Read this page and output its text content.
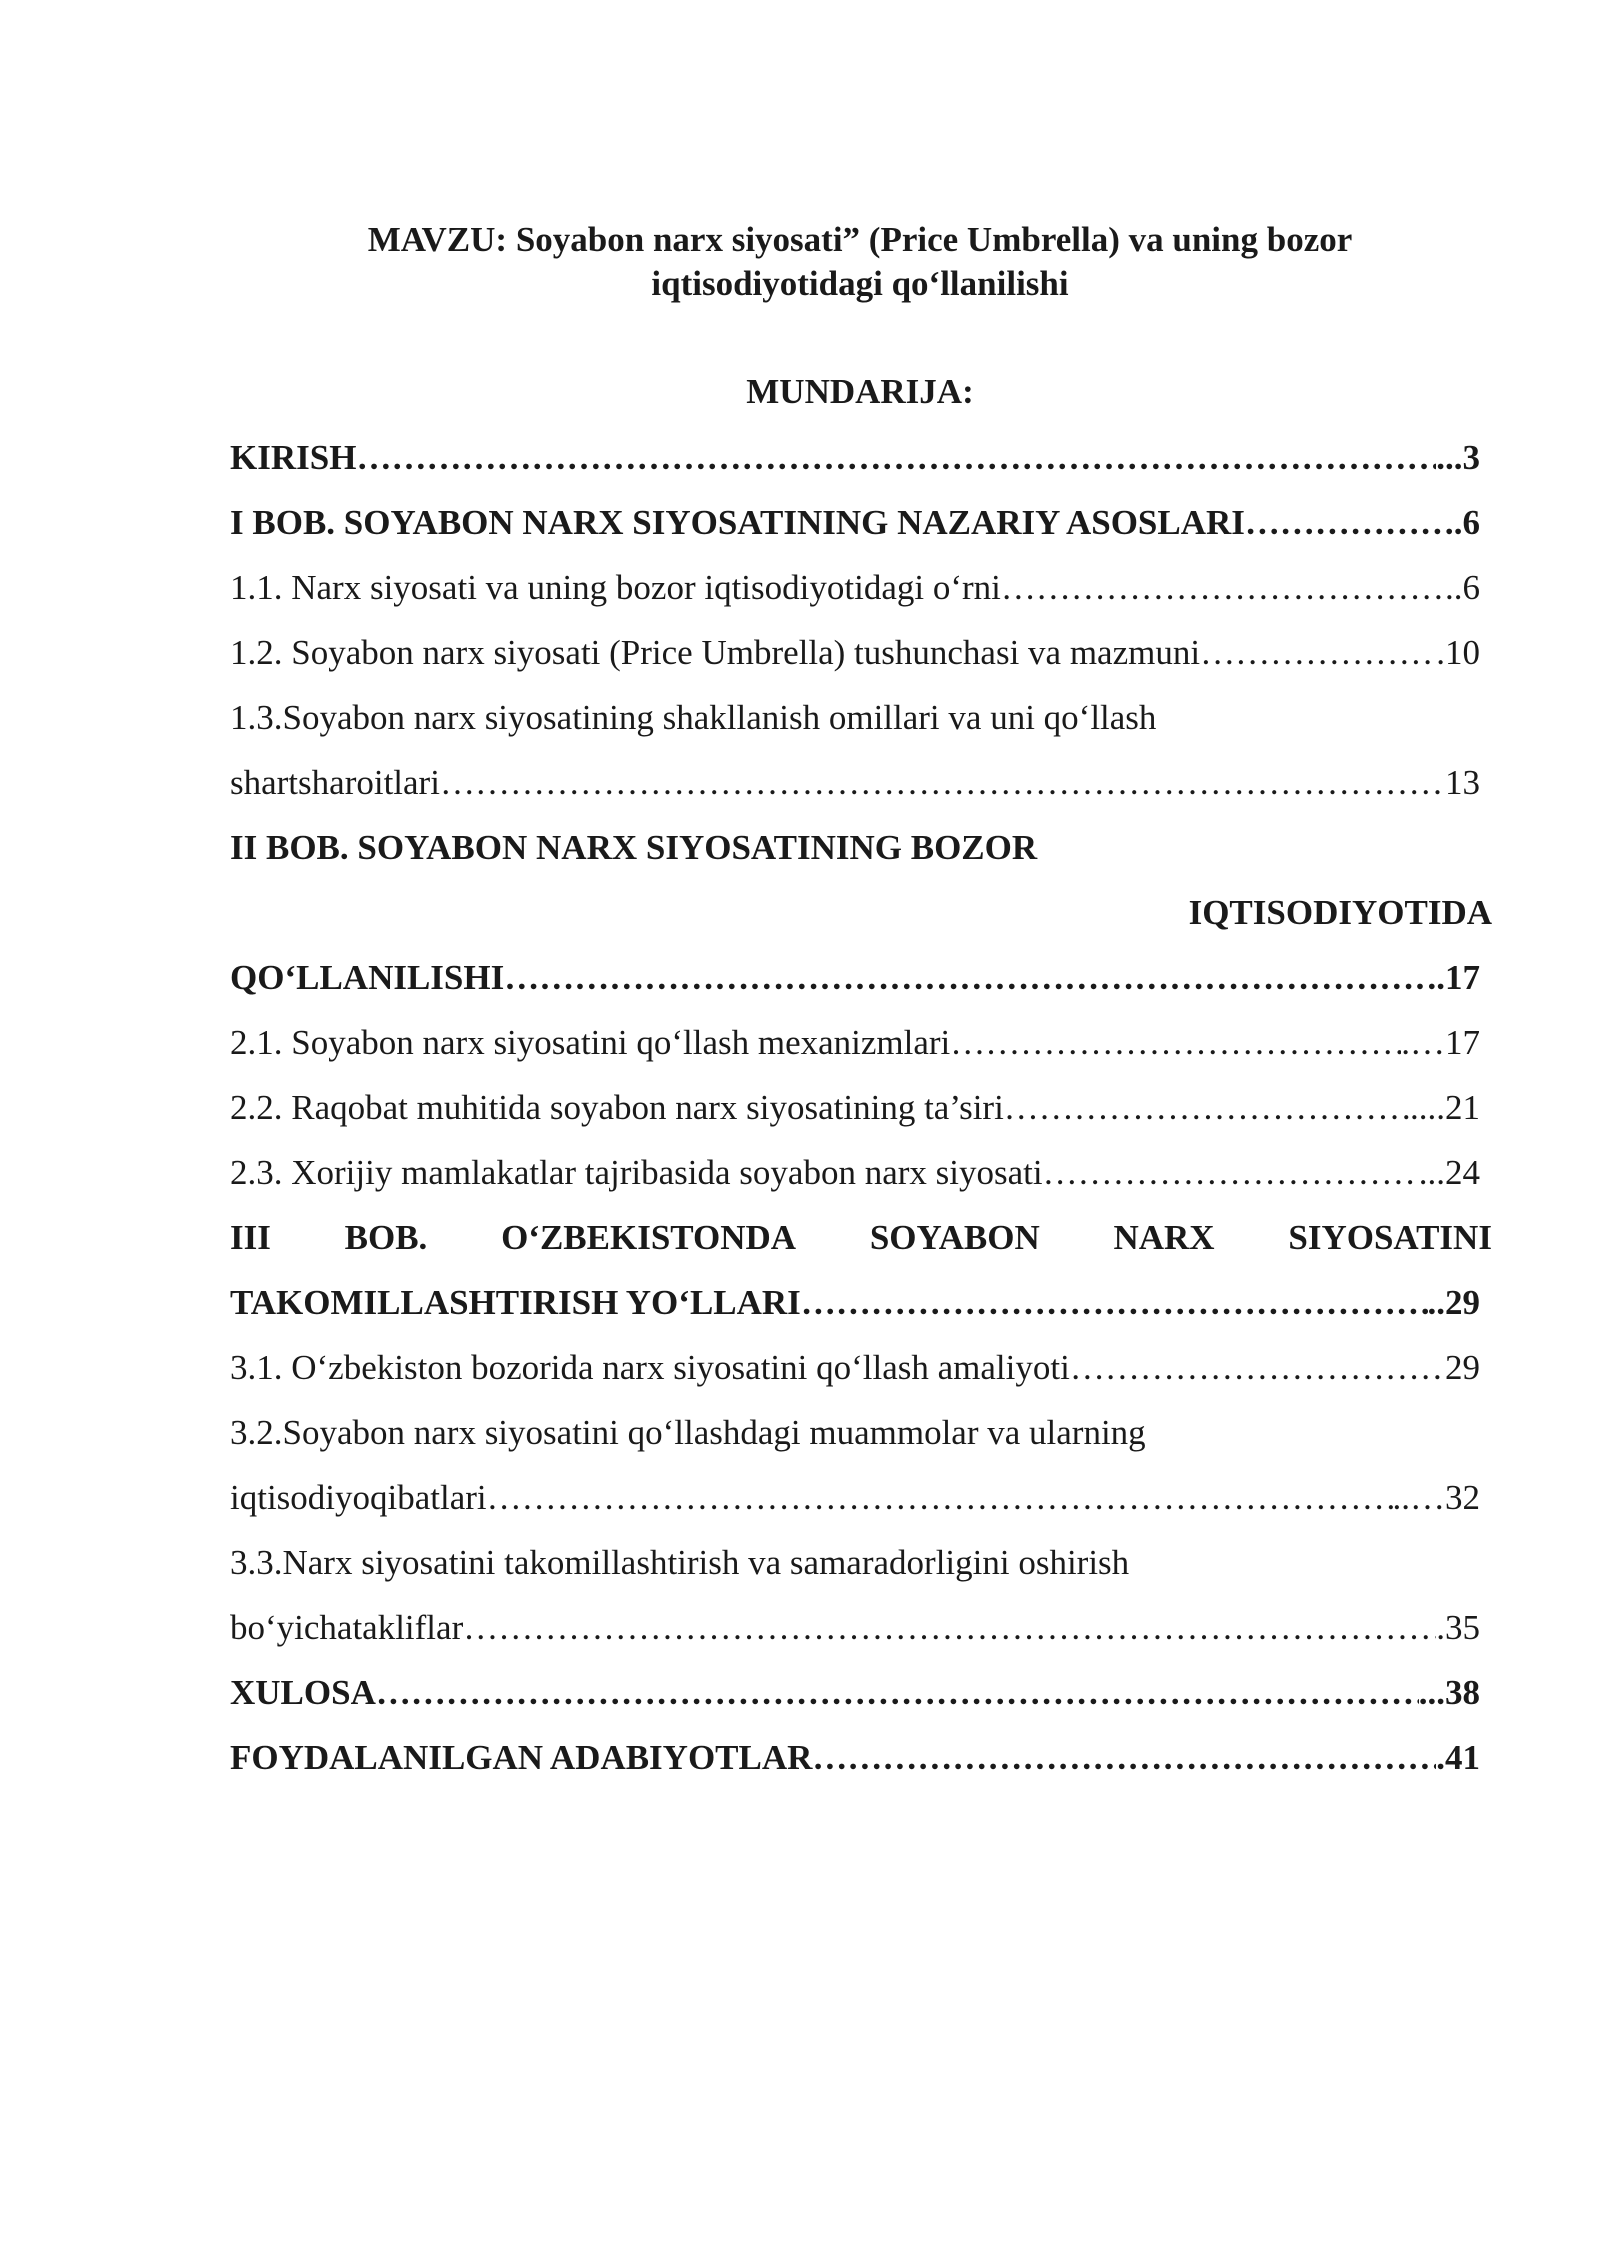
MAVZU: Soyabon narx siyosati” (Price Umbrella) va uning bozor
iqtisodiyotidagi qo‘llanilishi
MUNDARIJA:
KIRISH ……………………………………………………………………………………………………………………………………………………………………………………………………	...3
I BOB. SOYABON NARX SIYOSATINING NAZARIY ASOSLARI ……………………………………………………………………………………………………………………………………………………………………………………………………	.6
1.1. Narx siyosati va uning bozor iqtisodiyotidagi o‘rni ……………………………………………………………………………………………………………………………………………………………………………………………………	..6
1.2. Soyabon narx siyosati (Price Umbrella) tushunchasi va mazmuni ……………………………………………………………………………………………………………………………………………………………………………………………………	.10
1.3.Soyabon narx siyosatining shakllanish omillari va uni qo‘llash
shartsharoitlari ……………………………………………………………………………………………………………………………………………………………………………………………………	13
II BOB. SOYABON NARX SIYOSATINING BOZOR
IQTISODIYOTIDA
QO‘LLANILISHI ……………………………………………………………………………………………………………………………………………………………………………………………………	.17
2.1. Soyabon narx siyosatini qo‘llash mexanizmlari ……………………………………………………………………………………………………………………………………………………………………………………………………	.…17
2.2. Raqobat muhitida soyabon narx siyosatining ta’siri ……………………………………………………………………………………………………………………………………………………………………………………………………	....21
2.3. Xorijiy mamlakatlar tajribasida soyabon narx siyosati ……………………………………………………………………………………………………………………………………………………………………………………………………	...24
III BOB. O‘ZBEKISTONDA SOYABON NARX SIYOSATINI
TAKOMILLASHTIRISH YO‘LLARI ……………………………………………………………………………………………………………………………………………………………………………………………………	..29
3.1. O‘zbekiston bozorida narx siyosatini qo‘llash amaliyoti ……………………………………………………………………………………………………………………………………………………………………………………………………	29
3.2.Soyabon narx siyosatini qo‘llashdagi muammolar va ularning
iqtisodiyoqibatlari ……………………………………………………………………………………………………………………………………………………………………………………………………	..…32
3.3.Narx siyosatini takomillashtirish va samaradorligini oshirish
bo‘yichatakliflar ……………………………………………………………………………………………………………………………………………………………………………………………………	.35
XULOSA ……………………………………………………………………………………………………………………………………………………………………………………………………	...38
FOYDALANILGAN ADABIYOTLAR ……………………………………………………………………………………………………………………………………………………………………………………………………	.41
